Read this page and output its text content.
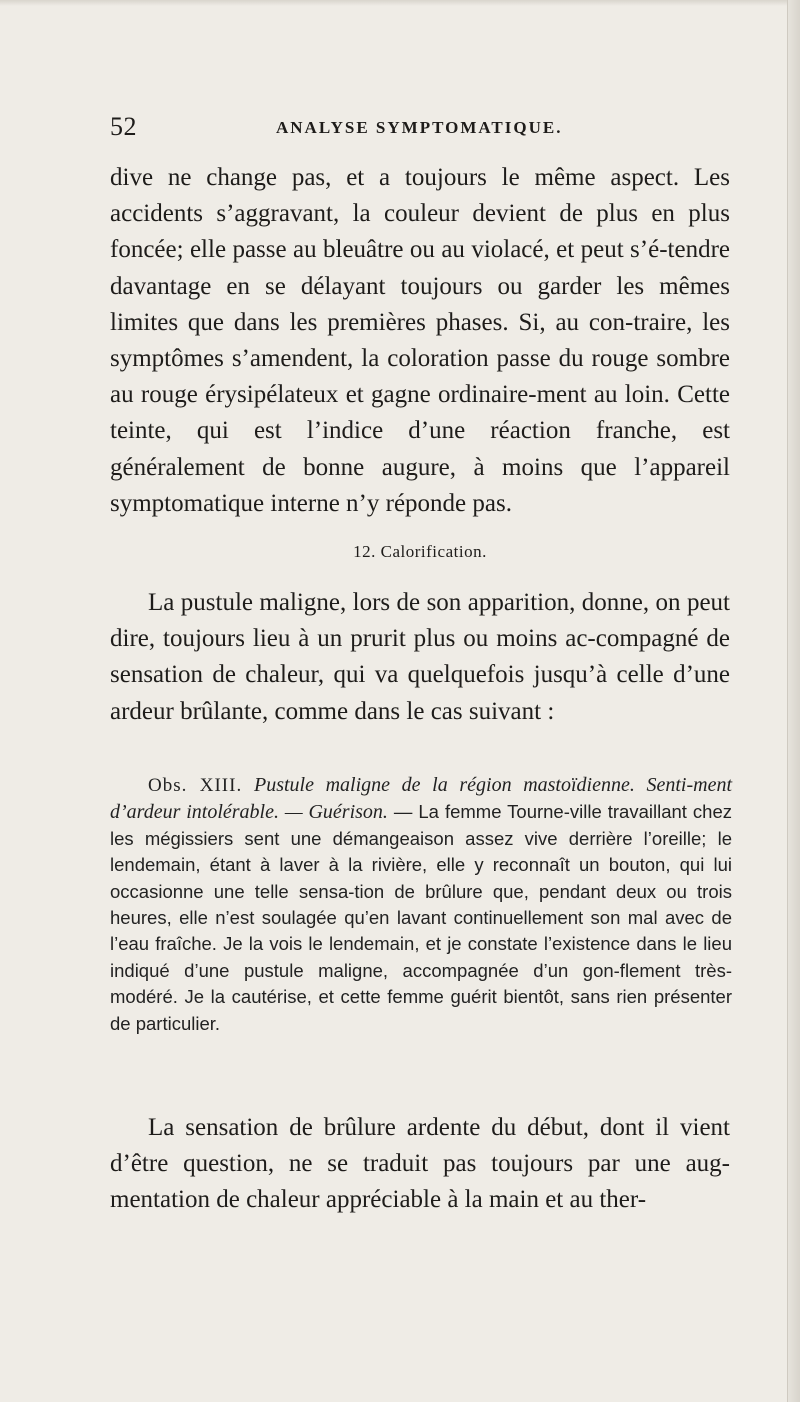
52	ANALYSE SYMPTOMATIQUE.

dive ne change pas, et a toujours le même aspect. Les accidents s’aggravant, la couleur devient de plus en plus foncée; elle passe au bleuâtre ou au violacé, et peut s’é-tendre davantage en se délayant toujours ou garder les mêmes limites que dans les premières phases. Si, au con-traire, les symptômes s’amendent, la coloration passe du rouge sombre au rouge érysipélateux et gagne ordinaire-ment au loin. Cette teinte, qui est l’indice d’une réaction franche, est généralement de bonne augure, à moins que l’appareil symptomatique interne n’y réponde pas.

12. Calorification.

La pustule maligne, lors de son apparition, donne, on peut dire, toujours lieu à un prurit plus ou moins ac-compagné de sensation de chaleur, qui va quelquefois jusqu’à celle d’une ardeur brûlante, comme dans le cas suivant :

Obs. XIII. Pustule maligne de la région mastoïdienne. Senti-ment d’ardeur intolérable. — Guérison. — La femme Tourne-ville travaillant chez les mégissiers sent une démangeaison assez vive derrière l’oreille; le lendemain, étant à laver à la rivière, elle y reconnaît un bouton, qui lui occasionne une telle sensa-tion de brûlure que, pendant deux ou trois heures, elle n’est soulagée qu’en lavant continuellement son mal avec de l’eau fraîche. Je la vois le lendemain, et je constate l’existence dans le lieu indiqué d’une pustule maligne, accompagnée d’un gon-flement très-modéré. Je la cautérise, et cette femme guérit bientôt, sans rien présenter de particulier.

La sensation de brûlure ardente du début, dont il vient d’être question, ne se traduit pas toujours par une aug-mentation de chaleur appréciable à la main et au ther-
